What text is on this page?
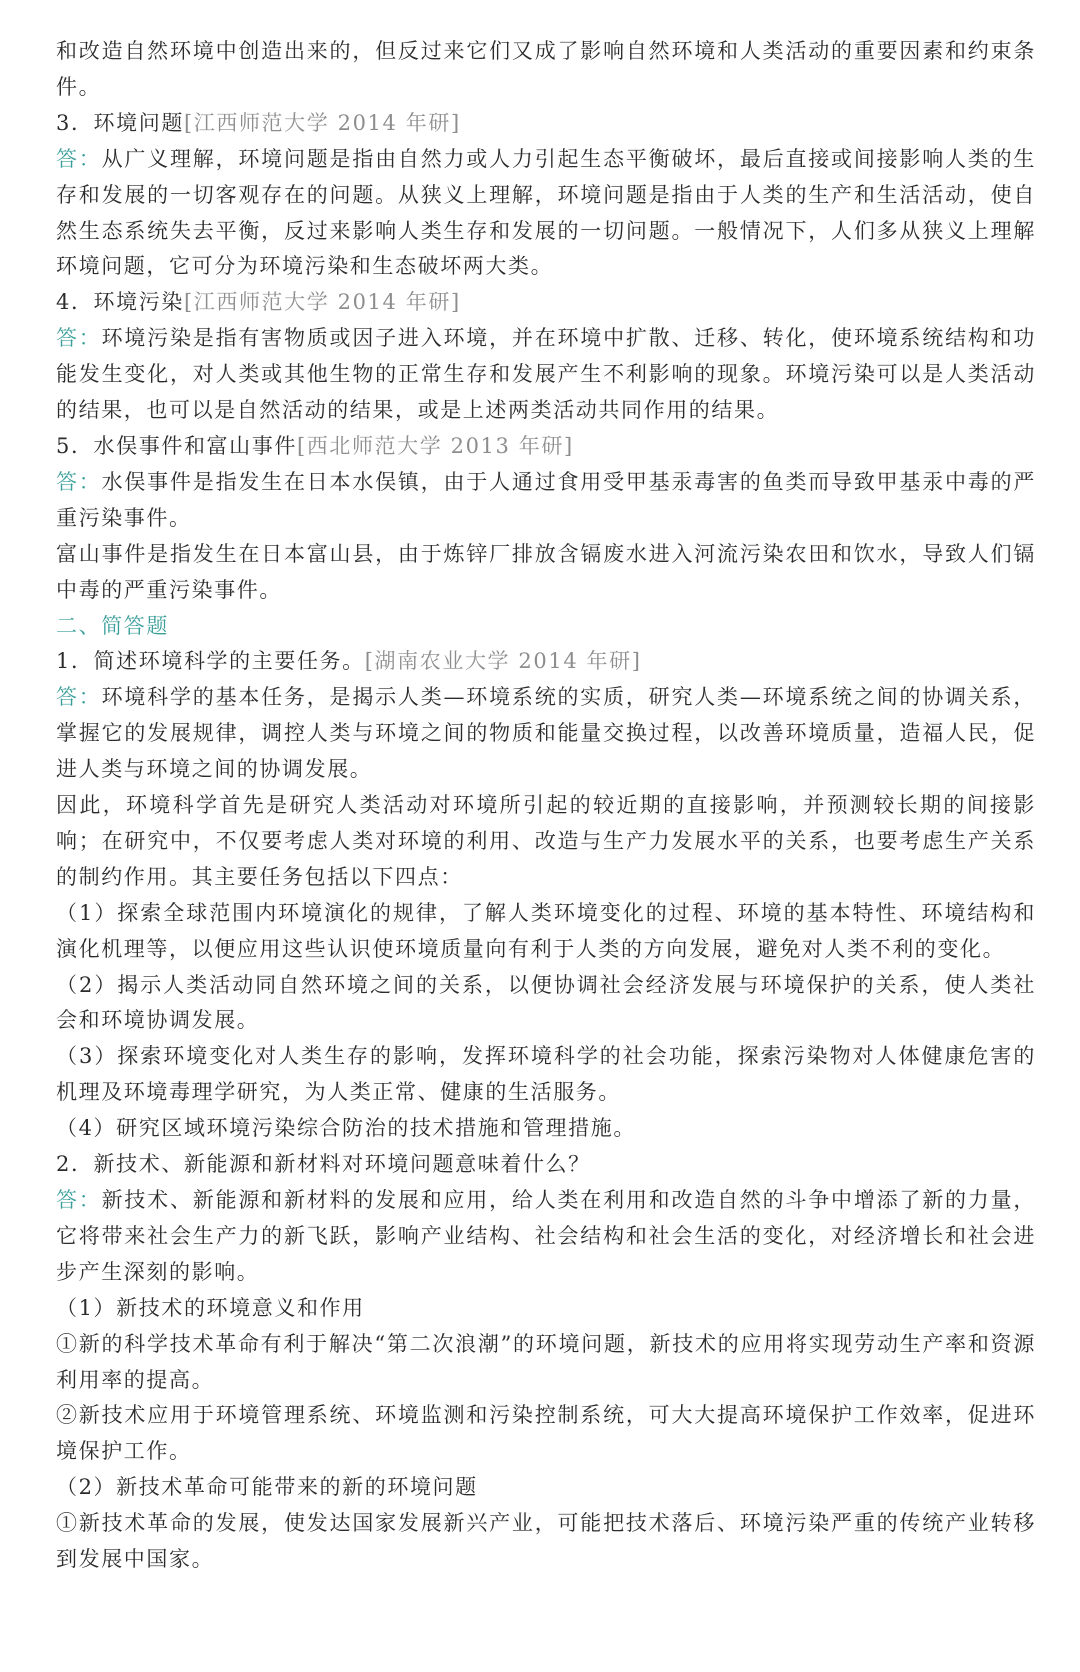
和改造自然环境中创造出来的，但反过来它们又成了影响自然环境和人类活动的重要因素和约束条件。

3．环境问题[江西师范大学 2014 年研]

答：从广义理解，环境问题是指由自然力或人力引起生态平衡破坏，最后直接或间接影响人类的生存和发展的一切客观存在的问题。从狭义上理解，环境问题是指由于人类的生产和生活活动，使自然生态系统失去平衡，反过来影响人类生存和发展的一切问题。一般情况下，人们多从狭义上理解环境问题，它可分为环境污染和生态破坏两大类。

4．环境污染[江西师范大学 2014 年研]

答：环境污染是指有害物质或因子进入环境，并在环境中扩散、迁移、转化，使环境系统结构和功能发生变化，对人类或其他生物的正常生存和发展产生不利影响的现象。环境污染可以是人类活动的结果，也可以是自然活动的结果，或是上述两类活动共同作用的结果。

5．水俣事件和富山事件[西北师范大学 2013 年研]

答：水俣事件是指发生在日本水俣镇，由于人通过食用受甲基汞毒害的鱼类而导致甲基汞中毒的严重污染事件。

富山事件是指发生在日本富山县，由于炼锌厂排放含镉废水进入河流污染农田和饮水，导致人们镉中毒的严重污染事件。

二、简答题

1．简述环境科学的主要任务。[湖南农业大学 2014 年研]

答：环境科学的基本任务，是揭示人类—环境系统的实质，研究人类—环境系统之间的协调关系，掌握它的发展规律，调控人类与环境之间的物质和能量交换过程，以改善环境质量，造福人民，促进人类与环境之间的协调发展。

因此，环境科学首先是研究人类活动对环境所引起的较近期的直接影响，并预测较长期的间接影响；在研究中，不仅要考虑人类对环境的利用、改造与生产力发展水平的关系，也要考虑生产关系的制约作用。其主要任务包括以下四点：

（1）探索全球范围内环境演化的规律，了解人类环境变化的过程、环境的基本特性、环境结构和演化机理等，以便应用这些认识使环境质量向有利于人类的方向发展，避免对人类不利的变化。

（2）揭示人类活动同自然环境之间的关系，以便协调社会经济发展与环境保护的关系，使人类社会和环境协调发展。

（3）探索环境变化对人类生存的影响，发挥环境科学的社会功能，探索污染物对人体健康危害的机理及环境毒理学研究，为人类正常、健康的生活服务。

（4）研究区域环境污染综合防治的技术措施和管理措施。

2．新技术、新能源和新材料对环境问题意味着什么？

答：新技术、新能源和新材料的发展和应用，给人类在利用和改造自然的斗争中增添了新的力量，它将带来社会生产力的新飞跃，影响产业结构、社会结构和社会生活的变化，对经济增长和社会进步产生深刻的影响。

（1）新技术的环境意义和作用

①新的科学技术革命有利于解决“第二次浪潮”的环境问题，新技术的应用将实现劳动生产率和资源利用率的提高。

②新技术应用于环境管理系统、环境监测和污染控制系统，可大大提高环境保护工作效率，促进环境保护工作。

（2）新技术革命可能带来的新的环境问题

①新技术革命的发展，使发达国家发展新兴产业，可能把技术落后、环境污染严重的传统产业转移到发展中国家。
